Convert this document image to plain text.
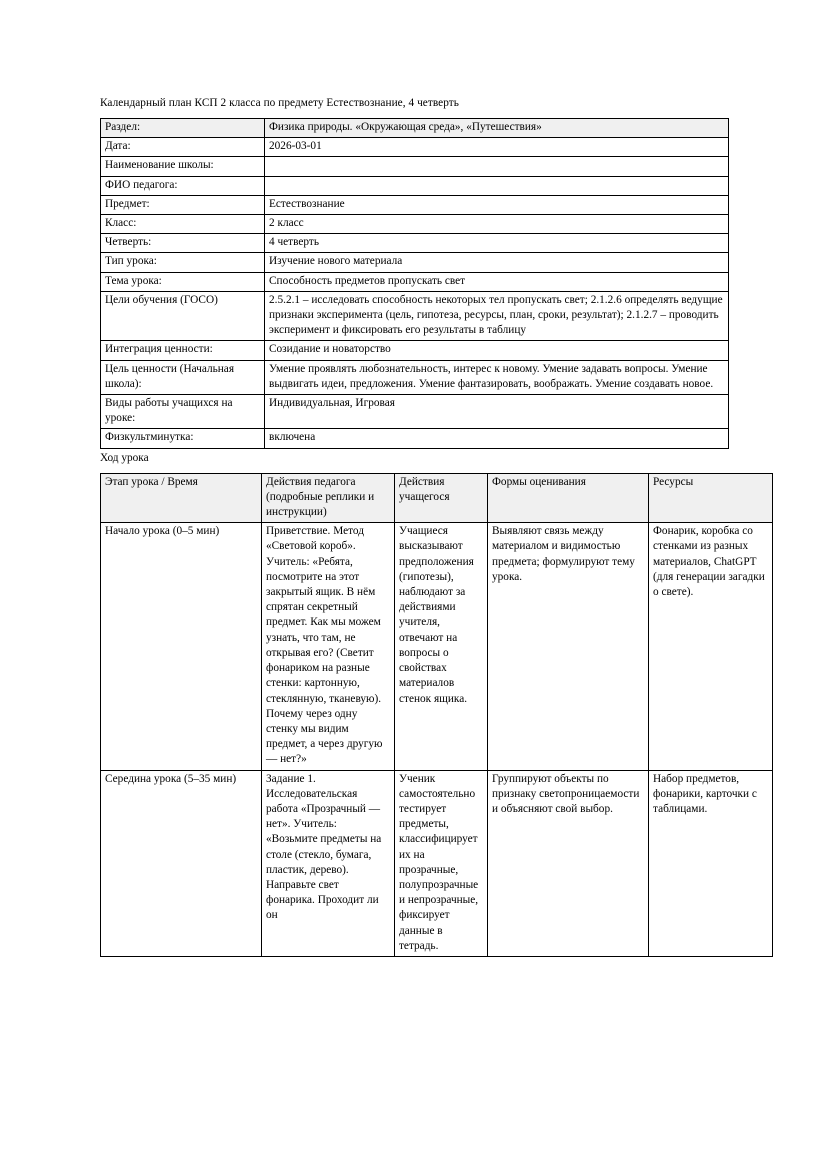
Календарный план КСП 2 класса по предмету Естествознание, 4 четверть

Раздел:	Физика природы. «Окружающая среда», «Путешествия»
Дата:	2026-03-01
Наименование школы:	
ФИО педагога:	
Предмет:	Естествознание
Класс:	2 класс
Четверть:	4 четверть
Тип урока:	Изучение нового материала
Тема урока:	Способность предметов пропускать свет
Цели обучения (ГОСО)	2.5.2.1 – исследовать способность некоторых тел пропускать свет; 2.1.2.6 определять ведущие признаки эксперимента (цель, гипотеза, ресурсы, план, сроки, результат); 2.1.2.7 – проводить эксперимент и фиксировать его результаты в таблицу
Интеграция ценности:	Созидание и новаторство
Цель ценности (Начальная школа):	Умение проявлять любознательность, интерес к новому. Умение задавать вопросы. Умение выдвигать идеи, предложения. Умение фантазировать, воображать. Умение создавать новое.
Виды работы учащихся на уроке:	Индивидуальная, Игровая
Физкультминутка:	включена

Ход урока

Этап урока / Время	Действия педагога (подробные реплики и инструкции)	Действия учащегося	Формы оценивания	Ресурсы
Начало урока (0–5 мин)	Приветствие. Метод «Световой короб». Учитель: «Ребята, посмотрите на этот закрытый ящик. В нём спрятан секретный предмет. Как мы можем узнать, что там, не открывая его? (Светит фонариком на разные стенки: картонную, стеклянную, тканевую). Почему через одну стенку мы видим предмет, а через другую — нет?»	Учащиеся высказывают предположения (гипотезы), наблюдают за действиями учителя, отвечают на вопросы о свойствах материалов стенок ящика.	Выявляют связь между материалом и видимостью предмета; формулируют тему урока.	Фонарик, коробка со стенками из разных материалов, ChatGPT (для генерации загадки о свете).
Середина урока (5–35 мин)	Задание 1. Исследовательская работа «Прозрачный — нет». Учитель: «Возьмите предметы на столе (стекло, бумага, пластик, дерево). Направьте свет фонарика. Проходит ли он	Ученик самостоятельно тестирует предметы, классифицирует их на прозрачные, полупрозрачные и непрозрачные, фиксирует данные в тетрадь.	Группируют объекты по признаку светопроницаемости и объясняют свой выбор.	Набор предметов, фонарики, карточки с таблицами.
